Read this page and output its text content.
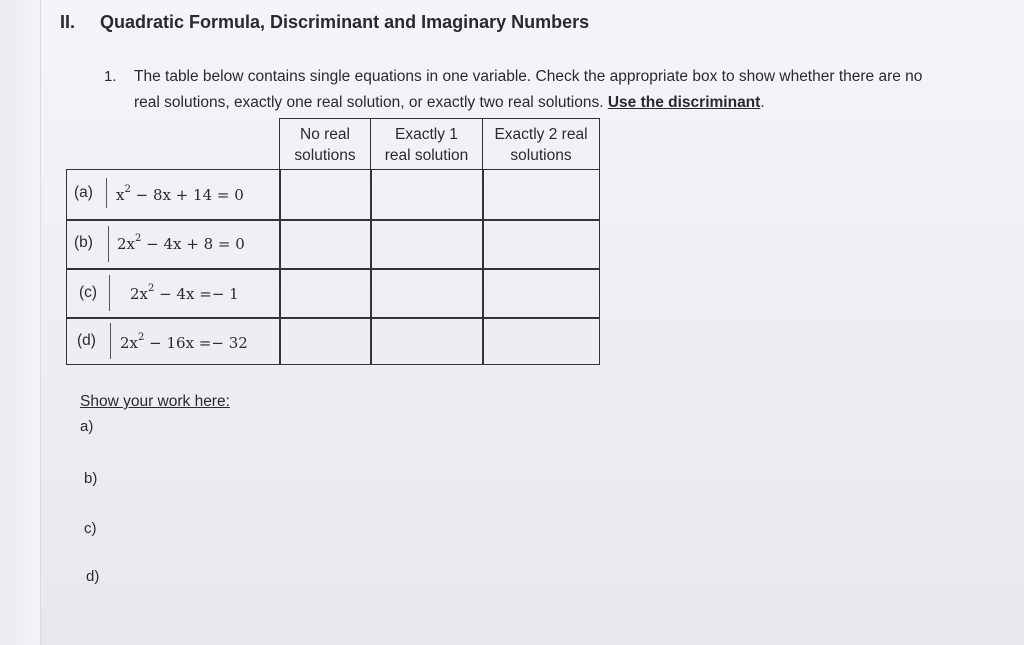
II. Quadratic Formula, Discriminant and Imaginary Numbers
1. The table below contains single equations in one variable. Check the appropriate box to show whether there are no
real solutions, exactly one real solution, or exactly two real solutions. Use the discriminant.
No real
solutions
Exactly 1
real solution
Exactly 2 real
solutions
(a) $x^2 - 8x + 14 = 0$
(b) $2x^2 - 4x + 8 = 0$
(c) $2x^2 - 4x =- 1$
(d) $2x^2 - 16x =- 32$
Show your work here:
a)
b)
c)
d)
